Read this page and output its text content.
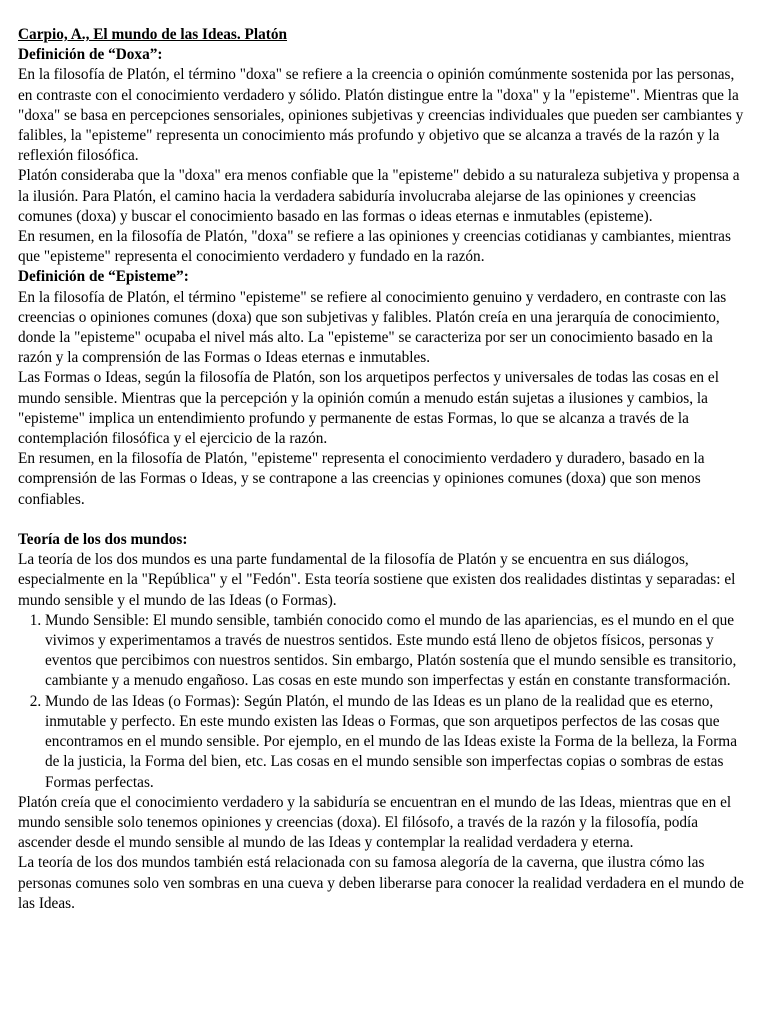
Carpio, A., El mundo de las Ideas. Platón

Definición de “Doxa”:

En la filosofía de Platón, el término "doxa" se refiere a la creencia o opinión comúnmente sostenida por las personas, en contraste con el conocimiento verdadero y sólido. Platón distingue entre la "doxa" y la "episteme". Mientras que la "doxa" se basa en percepciones sensoriales, opiniones subjetivas y creencias individuales que pueden ser cambiantes y falibles, la "episteme" representa un conocimiento más profundo y objetivo que se alcanza a través de la razón y la reflexión filosófica.

Platón consideraba que la "doxa" era menos confiable que la "episteme" debido a su naturaleza subjetiva y propensa a la ilusión. Para Platón, el camino hacia la verdadera sabiduría involucraba alejarse de las opiniones y creencias comunes (doxa) y buscar el conocimiento basado en las formas o ideas eternas e inmutables (episteme).

En resumen, en la filosofía de Platón, "doxa" se refiere a las opiniones y creencias cotidianas y cambiantes, mientras que "episteme" representa el conocimiento verdadero y fundado en la razón.

Definición de “Episteme”:

En la filosofía de Platón, el término "episteme" se refiere al conocimiento genuino y verdadero, en contraste con las creencias o opiniones comunes (doxa) que son subjetivas y falibles. Platón creía en una jerarquía de conocimiento, donde la "episteme" ocupaba el nivel más alto. La "episteme" se caracteriza por ser un conocimiento basado en la razón y la comprensión de las Formas o Ideas eternas e inmutables.

Las Formas o Ideas, según la filosofía de Platón, son los arquetipos perfectos y universales de todas las cosas en el mundo sensible. Mientras que la percepción y la opinión común a menudo están sujetas a ilusiones y cambios, la "episteme" implica un entendimiento profundo y permanente de estas Formas, lo que se alcanza a través de la contemplación filosófica y el ejercicio de la razón.

En resumen, en la filosofía de Platón, "episteme" representa el conocimiento verdadero y duradero, basado en la comprensión de las Formas o Ideas, y se contrapone a las creencias y opiniones comunes (doxa) que son menos confiables.

Teoría de los dos mundos:

La teoría de los dos mundos es una parte fundamental de la filosofía de Platón y se encuentra en sus diálogos, especialmente en la "República" y el "Fedón". Esta teoría sostiene que existen dos realidades distintas y separadas: el mundo sensible y el mundo de las Ideas (o Formas).

1. Mundo Sensible: El mundo sensible, también conocido como el mundo de las apariencias, es el mundo en el que vivimos y experimentamos a través de nuestros sentidos. Este mundo está lleno de objetos físicos, personas y eventos que percibimos con nuestros sentidos. Sin embargo, Platón sostenía que el mundo sensible es transitorio, cambiante y a menudo engañoso. Las cosas en este mundo son imperfectas y están en constante transformación.
2. Mundo de las Ideas (o Formas): Según Platón, el mundo de las Ideas es un plano de la realidad que es eterno, inmutable y perfecto. En este mundo existen las Ideas o Formas, que son arquetipos perfectos de las cosas que encontramos en el mundo sensible. Por ejemplo, en el mundo de las Ideas existe la Forma de la belleza, la Forma de la justicia, la Forma del bien, etc. Las cosas en el mundo sensible son imperfectas copias o sombras de estas Formas perfectas.

Platón creía que el conocimiento verdadero y la sabiduría se encuentran en el mundo de las Ideas, mientras que en el mundo sensible solo tenemos opiniones y creencias (doxa). El filósofo, a través de la razón y la filosofía, podía ascender desde el mundo sensible al mundo de las Ideas y contemplar la realidad verdadera y eterna.

La teoría de los dos mundos también está relacionada con su famosa alegoría de la caverna, que ilustra cómo las personas comunes solo ven sombras en una cueva y deben liberarse para conocer la realidad verdadera en el mundo de las Ideas.
